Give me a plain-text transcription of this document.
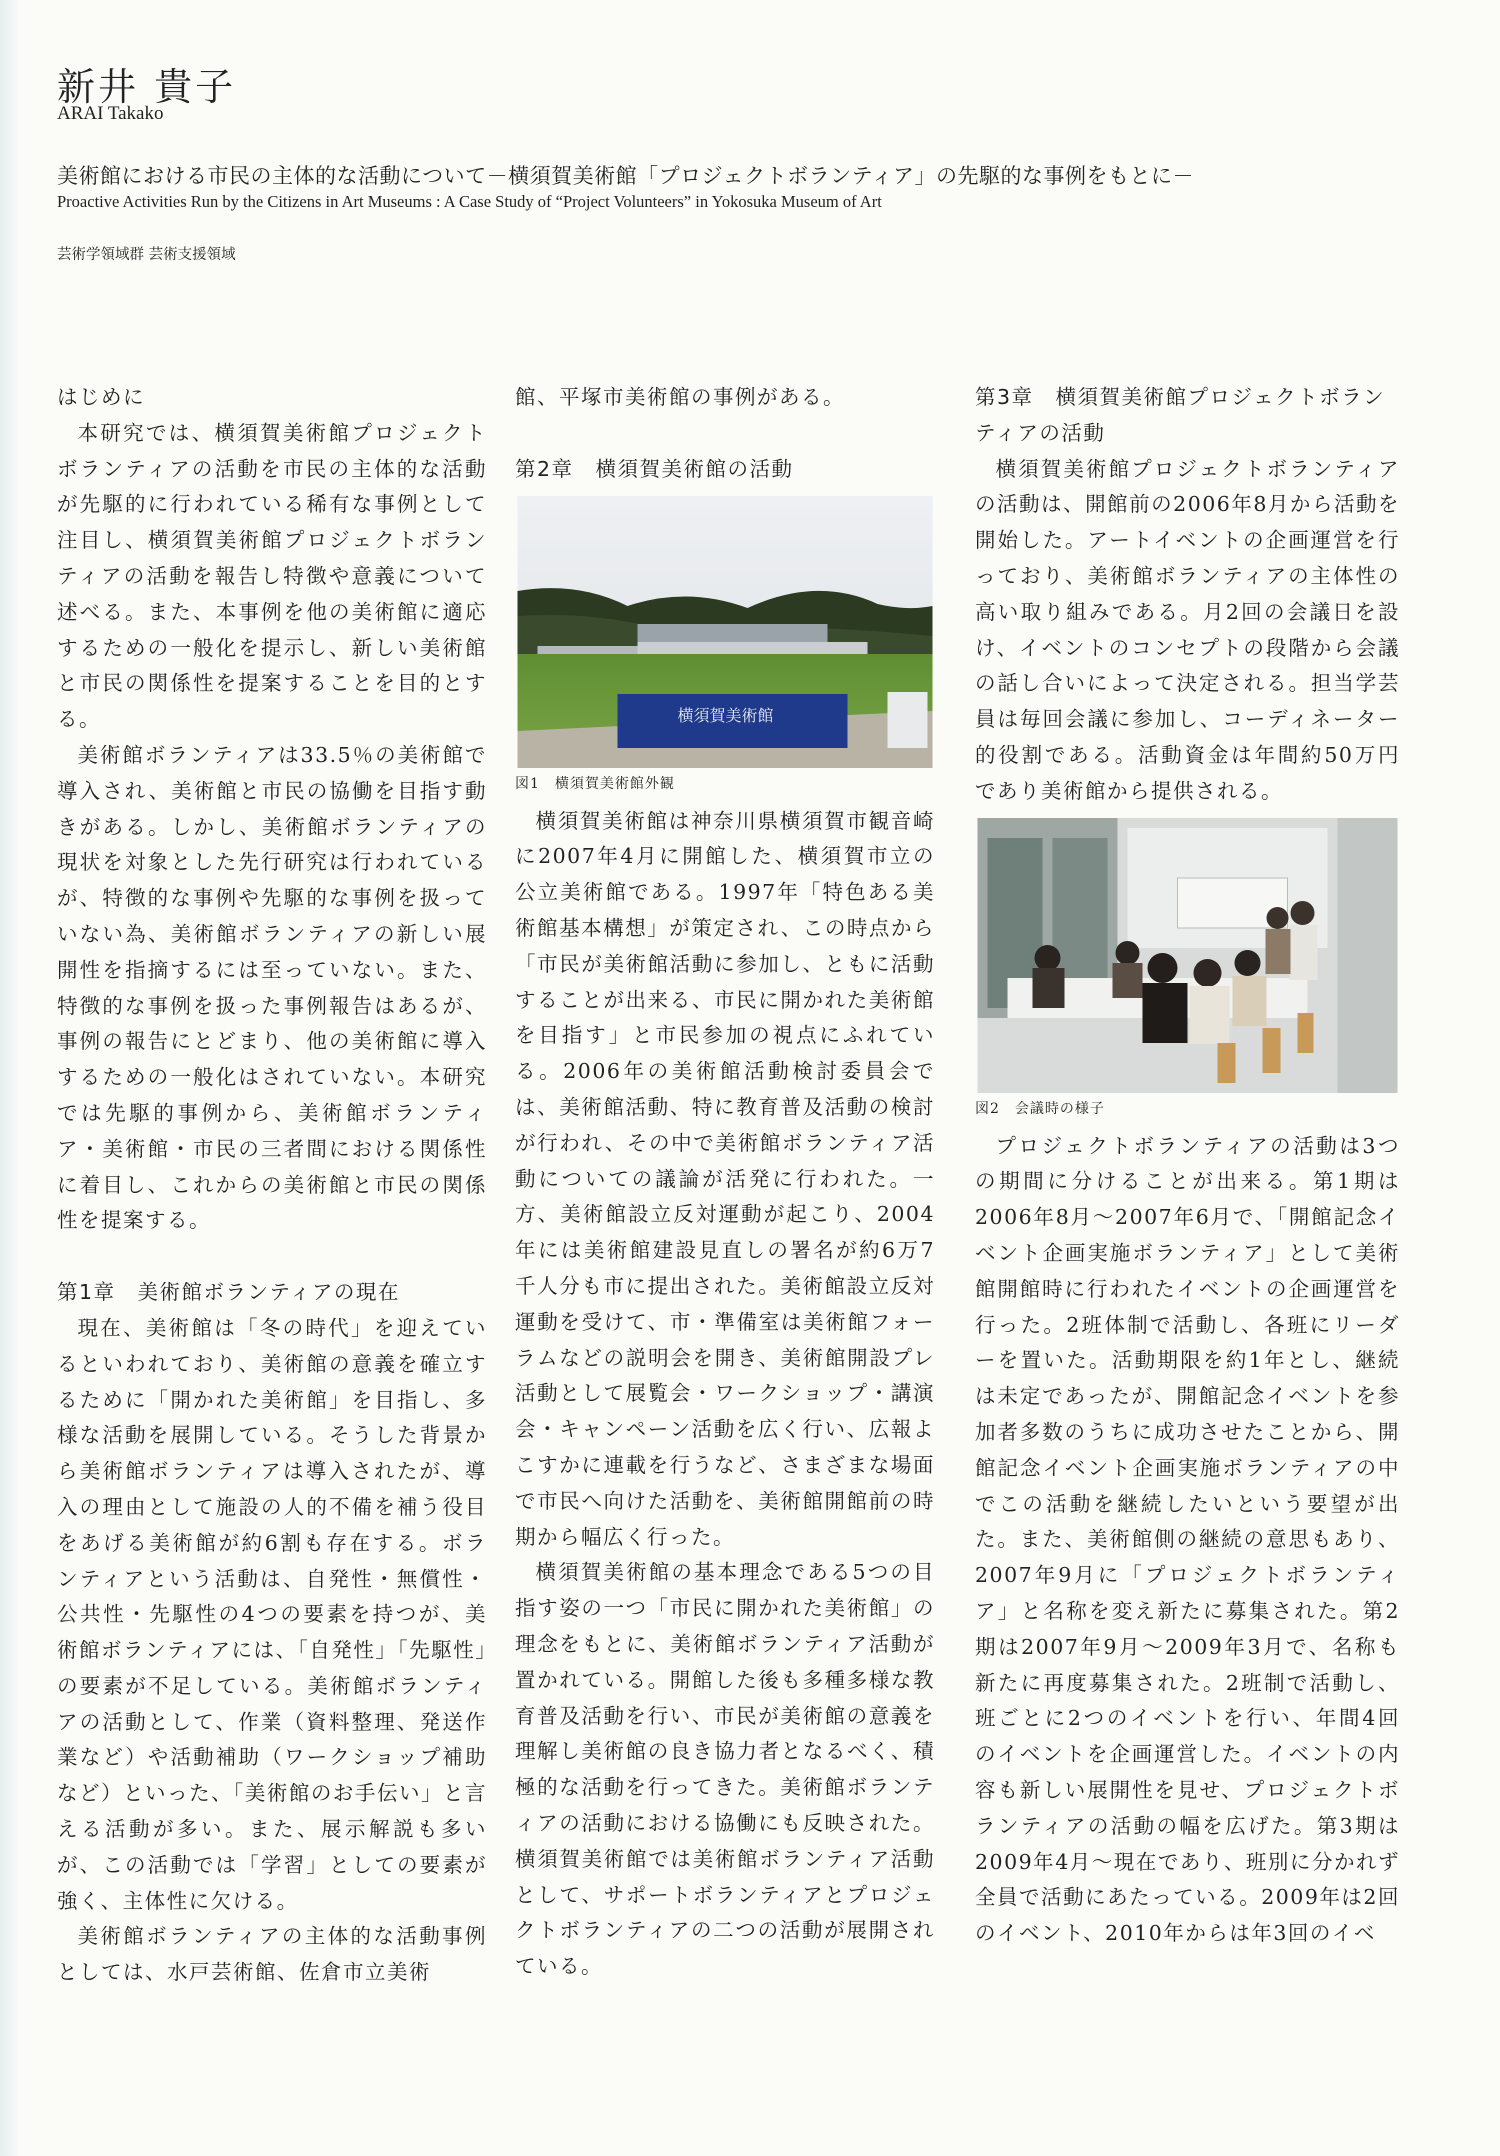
新井 貴子
ARAI Takako
美術館における市民の主体的な活動について－横須賀美術館「プロジェクトボランティア」の先駆的な事例をもとに－
Proactive Activities Run by the Citizens in Art Museums : A Case Study of “Project Volunteers” in Yokosuka Museum of Art
芸術学領域群 芸術支援領域
はじめに

本研究では、横須賀美術館プロジェクトボランティアの活動を市民の主体的な活動が先駆的に行われている稀有な事例として注目し、横須賀美術館プロジェクトボランティアの活動を報告し特徴や意義について述べる。また、本事例を他の美術館に適応するための一般化を提示し、新しい美術館と市民の関係性を提案することを目的とする。

美術館ボランティアは33.5％の美術館で導入され、美術館と市民の協働を目指す動きがある。しかし、美術館ボランティアの現状を対象とした先行研究は行われているが、特徴的な事例や先駆的な事例を扱っていない為、美術館ボランティアの新しい展開性を指摘するには至っていない。また、特徴的な事例を扱った事例報告はあるが、事例の報告にとどまり、他の美術館に導入するための一般化はされていない。本研究では先駆的事例から、美術館ボランティア・美術館・市民の三者間における関係性に着目し、これからの美術館と市民の関係性を提案する。

第1章　美術館ボランティアの現在

現在、美術館は「冬の時代」を迎えているといわれており、美術館の意義を確立するために「開かれた美術館」を目指し、多様な活動を展開している。そうした背景から美術館ボランティアは導入されたが、導入の理由として施設の人的不備を補う役目をあげる美術館が約6割も存在する。ボランティアという活動は、自発性・無償性・公共性・先駆性の4つの要素を持つが、美術館ボランティアには、「自発性」「先駆性」の要素が不足している。美術館ボランティアの活動として、作業（資料整理、発送作業など）や活動補助（ワークショップ補助など）といった、「美術館のお手伝い」と言える活動が多い。また、展示解説も多いが、この活動では「学習」としての要素が強く、主体性に欠ける。

美術館ボランティアの主体的な活動事例としては、水戸芸術館、佐倉市立美術

館、平塚市美術館の事例がある。

第2章　横須賀美術館の活動
横須賀美術館
図1　横須賀美術館外観

横須賀美術館は神奈川県横須賀市観音崎に2007年4月に開館した、横須賀市立の公立美術館である。1997年「特色ある美術館基本構想」が策定され、この時点から「市民が美術館活動に参加し、ともに活動することが出来る、市民に開かれた美術館を目指す」と市民参加の視点にふれている。2006年の美術館活動検討委員会では、美術館活動、特に教育普及活動の検討が行われ、その中で美術館ボランティア活動についての議論が活発に行われた。一方、美術館設立反対運動が起こり、2004年には美術館建設見直しの署名が約6万7千人分も市に提出された。美術館設立反対運動を受けて、市・準備室は美術館フォーラムなどの説明会を開き、美術館開設プレ活動として展覧会・ワークショップ・講演会・キャンペーン活動を広く行い、広報よこすかに連載を行うなど、さまざまな場面で市民へ向けた活動を、美術館開館前の時期から幅広く行った。

横須賀美術館の基本理念である5つの目指す姿の一つ「市民に開かれた美術館」の理念をもとに、美術館ボランティア活動が置かれている。開館した後も多種多様な教育普及活動を行い、市民が美術館の意義を理解し美術館の良き協力者となるべく、積極的な活動を行ってきた。美術館ボランティアの活動における協働にも反映された。横須賀美術館では美術館ボランティア活動として、サポートボランティアとプロジェクトボランティアの二つの活動が展開されている。

第3章　横須賀美術館プロジェクトボランティアの活動

横須賀美術館プロジェクトボランティアの活動は、開館前の2006年8月から活動を開始した。アートイベントの企画運営を行っており、美術館ボランティアの主体性の高い取り組みである。月2回の会議日を設け、イベントのコンセプトの段階から会議の話し合いによって決定される。担当学芸員は毎回会議に参加し、コーディネーター的役割である。活動資金は年間約50万円であり美術館から提供される。

図2　会議時の様子

プロジェクトボランティアの活動は3つの期間に分けることが出来る。第1期は2006年8月～2007年6月で、「開館記念イベント企画実施ボランティア」として美術館開館時に行われたイベントの企画運営を行った。2班体制で活動し、各班にリーダーを置いた。活動期限を約1年とし、継続は未定であったが、開館記念イベントを参加者多数のうちに成功させたことから、開館記念イベント企画実施ボランティアの中でこの活動を継続したいという要望が出た。また、美術館側の継続の意思もあり、2007年9月に「プロジェクトボランティア」と名称を変え新たに募集された。第2期は2007年9月～2009年3月で、名称も新たに再度募集された。2班制で活動し、班ごとに2つのイベントを行い、年間4回のイベントを企画運営した。イベントの内容も新しい展開性を見せ、プロジェクトボランティアの活動の幅を広げた。第3期は2009年4月～現在であり、班別に分かれず全員で活動にあたっている。2009年は2回のイベント、2010年からは年3回のイベ
